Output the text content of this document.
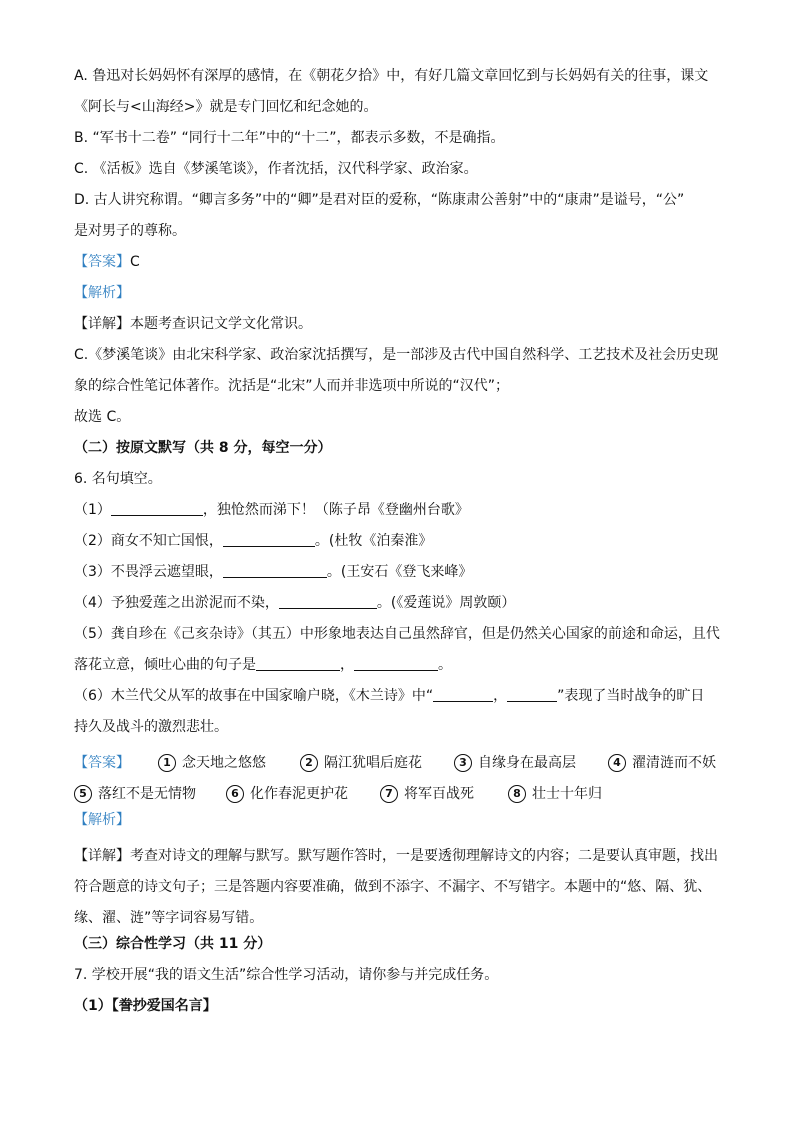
A. 鲁迅对长妈妈怀有深厚的感情，在《朝花夕拾》中，有好几篇文章回忆到与长妈妈有关的往事，课文
《阿长与<山海经>》就是专门回忆和纪念她的。
B. “军书十二卷” “同行十二年”中的“十二”，都表示多数，不是确指。
C. 《活板》选自《梦溪笔谈》，作者沈括，汉代科学家、政治家。
D. 古人讲究称谓。“卿言多务”中的“卿”是君对臣的爱称，“陈康肃公善射”中的“康肃”是谥号，“公”
是对男子的尊称。
【答案】C
【解析】
【详解】本题考查识记文学文化常识。
C.《梦溪笔谈》由北宋科学家、政治家沈括撰写，是一部涉及古代中国自然科学、工艺技术及社会历史现
象的综合性笔记体著作。沈括是“北宋”人而并非选项中所说的“汉代”；
故选 C。
（二）按原文默写（共 8 分，每空一分）
6. 名句填空。
（1）	，独怆然而涕下！（陈子昂《登幽州台歌》
（2）商女不知亡国恨，	。(杜牧《泊秦淮》
（3）不畏浮云遮望眼，	。(王安石《登飞来峰》
（4）予独爱莲之出淤泥而不染，	。(《爱莲说》周敦颐）
（5）龚自珍在《己亥杂诗》（其五）中形象地表达自己虽然辞官，但是仍然关心国家的前途和命运，且代
落花立意，倾吐心曲的句子是	，	。
（6）木兰代父从军的故事在中国家喻户晓，《木兰诗》中“	，	”表现了当时战争的旷日
持久及战斗的激烈悲壮。
【答案】	1 念天地之悠悠	2 隔江犹唱后庭花	3 自缘身在最高层	4 濯清涟而不妖
5 落红不是无情物	6 化作春泥更护花	7 将军百战死	8 壮士十年归
【解析】
【详解】考查对诗文的理解与默写。默写题作答时，一是要透彻理解诗文的内容；二是要认真审题，找出符合题意的诗文句子；三是答题内容要准确，做到不添字、不漏字、不写错字。本题中的“悠、隔、犹、缘、濯、涟”等字词容易写错。
（三）综合性学习（共 11 分）
7. 学校开展“我的语文生活”综合性学习活动，请你参与并完成任务。
（1）【誊抄爱国名言】
